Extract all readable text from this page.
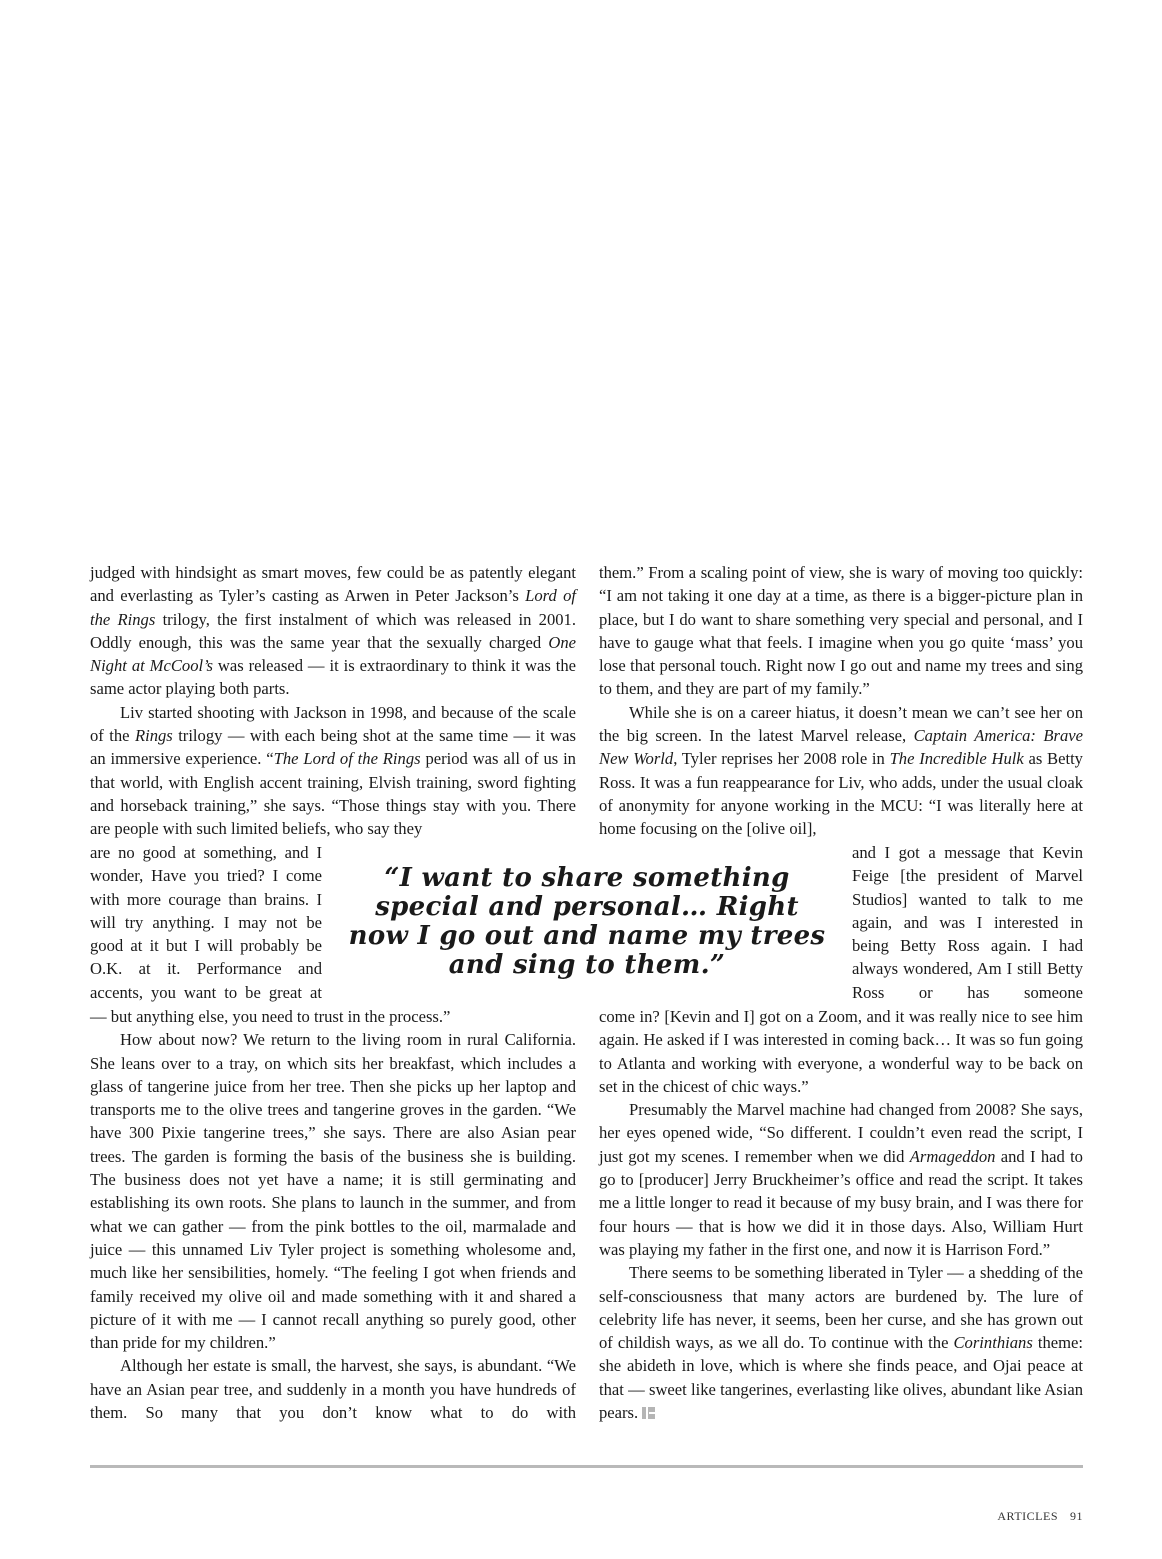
judged with hindsight as smart moves, few could be as patently elegant and everlasting as Tyler’s casting as Arwen in Peter Jackson’s Lord of the Rings trilogy, the first instalment of which was released in 2001. Oddly enough, this was the same year that the sexually charged One Night at McCool’s was released — it is extraordinary to think it was the same actor playing both parts.

Liv started shooting with Jackson in 1998, and because of the scale of the Rings trilogy — with each being shot at the same time — it was an immersive experience. “The Lord of the Rings period was all of us in that world, with English accent training, Elvish training, sword fighting and horseback training,” she says. “Those things stay with you. There are people with such limited beliefs, who say they

are no good at something, and I wonder, Have you tried? I come with more courage than brains. I will try anything. I may not be good at it but I will probably be O.K. at it. Performance and accents, you want to be great at

“I want to share something special and personal… Right now I go out and name my trees and sing to them.”

— but anything else, you need to trust in the process.”

How about now? We return to the living room in rural California. She leans over to a tray, on which sits her breakfast, which includes a glass of tangerine juice from her tree. Then she picks up her laptop and transports me to the olive trees and tangerine groves in the garden. “We have 300 Pixie tangerine trees,” she says. There are also Asian pear trees. The garden is forming the basis of the business she is building. The business does not yet have a name; it is still germinating and establishing its own roots. She plans to launch in the summer, and from what we can gather — from the pink bottles to the oil, marmalade and juice — this unnamed Liv Tyler project is something wholesome and, much like her sensibilities, homely. “The feeling I got when friends and family received my olive oil and made something with it and shared a picture of it with me — I cannot recall anything so purely good, other than pride for my children.”

Although her estate is small, the harvest, she says, is abundant. “We have an Asian pear tree, and suddenly in a month you have hundreds of them. So many that you don’t know what to do with

them.” From a scaling point of view, she is wary of moving too quickly: “I am not taking it one day at a time, as there is a bigger-picture plan in place, but I do want to share something very special and personal, and I have to gauge what that feels. I imagine when you go quite ‘mass’ you lose that personal touch. Right now I go out and name my trees and sing to them, and they are part of my family.”

While she is on a career hiatus, it doesn’t mean we can’t see her on the big screen. In the latest Marvel release, Captain America: Brave New World, Tyler reprises her 2008 role in The Incredible Hulk as Betty Ross. It was a fun reappearance for Liv, who adds, under the usual cloak of anonymity for anyone working in the MCU: “I was literally here at home focusing on the [olive oil],

and I got a message that Kevin Feige [the president of Marvel Studios] wanted to talk to me again, and was I interested in being Betty Ross again. I had always wondered, Am I still Betty Ross or has someone

come in? [Kevin and I] got on a Zoom, and it was really nice to see him again. He asked if I was interested in coming back… It was so fun going to Atlanta and working with everyone, a wonderful way to be back on set in the chicest of chic ways.”

Presumably the Marvel machine had changed from 2008? She says, her eyes opened wide, “So different. I couldn’t even read the script, I just got my scenes. I remember when we did Armageddon and I had to go to [producer] Jerry Bruckheimer’s office and read the script. It takes me a little longer to read it because of my busy brain, and I was there for four hours — that is how we did it in those days. Also, William Hurt was playing my father in the first one, and now it is Harrison Ford.”

There seems to be something liberated in Tyler — a shedding of the self-consciousness that many actors are burdened by. The lure of celebrity life has never, it seems, been her curse, and she has grown out of childish ways, as we all do. To continue with the Corinthians theme: she abideth in love, which is where she finds peace, and Ojai peace at that — sweet like tangerines, everlasting like olives, abundant like Asian pears.

ARTICLES 91
